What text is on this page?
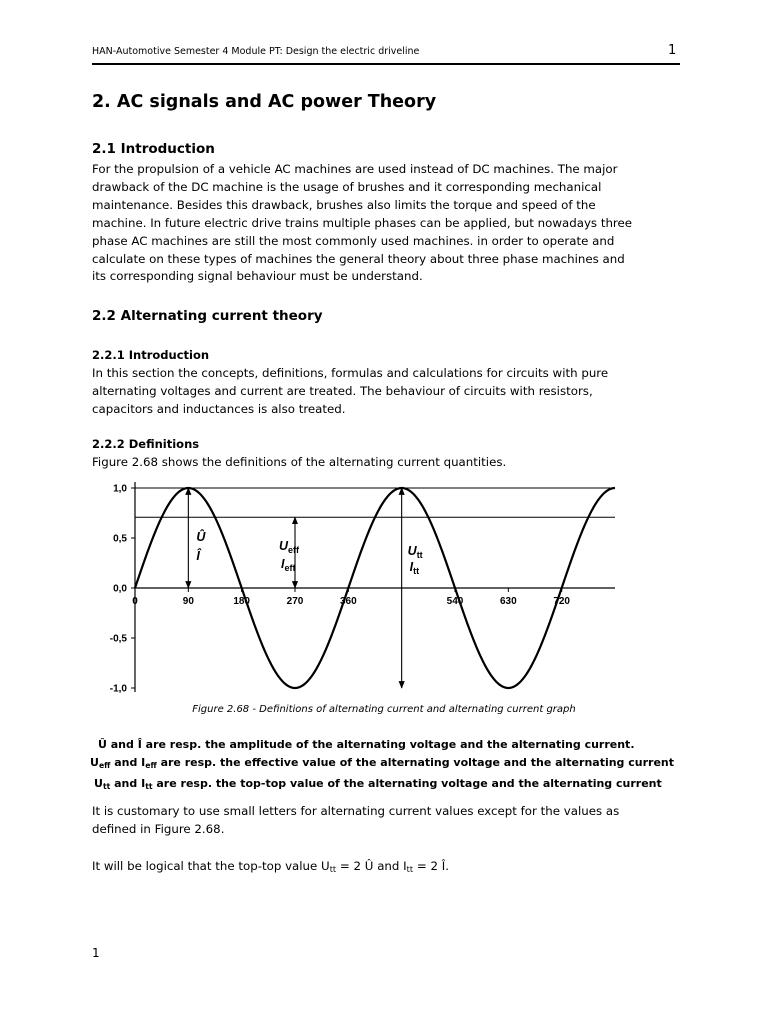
HAN-Automotive Semester 4 Module PT: Design the electric driveline	1
2. AC signals and AC power Theory
2.1 Introduction
For the propulsion of a vehicle AC machines are used instead of DC machines. The major
drawback of the DC machine is the usage of brushes and it corresponding mechanical
maintenance. Besides this drawback, brushes also limits the torque and speed of the
machine. In future electric drive trains multiple phases can be applied, but nowadays three
phase AC machines are still the most commonly used machines. in order to operate and
calculate on these types of machines the general theory about three phase machines and
its corresponding signal behaviour must be understand.
2.2 Alternating current theory
2.2.1 Introduction
In this section the concepts, definitions, formulas and calculations for circuits with pure
alternating voltages and current are treated. The behaviour of circuits with resistors,
capacitors and inductances is also treated.
2.2.2 Definitions
Figure 2.68 shows the definitions of the alternating current quantities.
1,0
0,5
0,0
-0,5
-1,0
0	90	180	270	360	540	630	720
Û
Î
$U_{eff}$
$I_{eff}$
$U_{tt}$
$I_{tt}$
Figure 2.68 - Definitions of alternating current and alternating current graph
Û and Î are resp. the amplitude of the alternating voltage and the alternating current.
$U_{eff}$ and $I_{eff}$ are resp. the effective value of the alternating voltage and the alternating current
$U_{tt}$ and $I_{tt}$ are resp. the top-top value of the alternating voltage and the alternating current
It is customary to use small letters for alternating current values except for the values as
defined in Figure 2.68.
It will be logical that the top-top value $U_{tt} = 2$ Û and $I_{tt} = 2$ Î.
1
